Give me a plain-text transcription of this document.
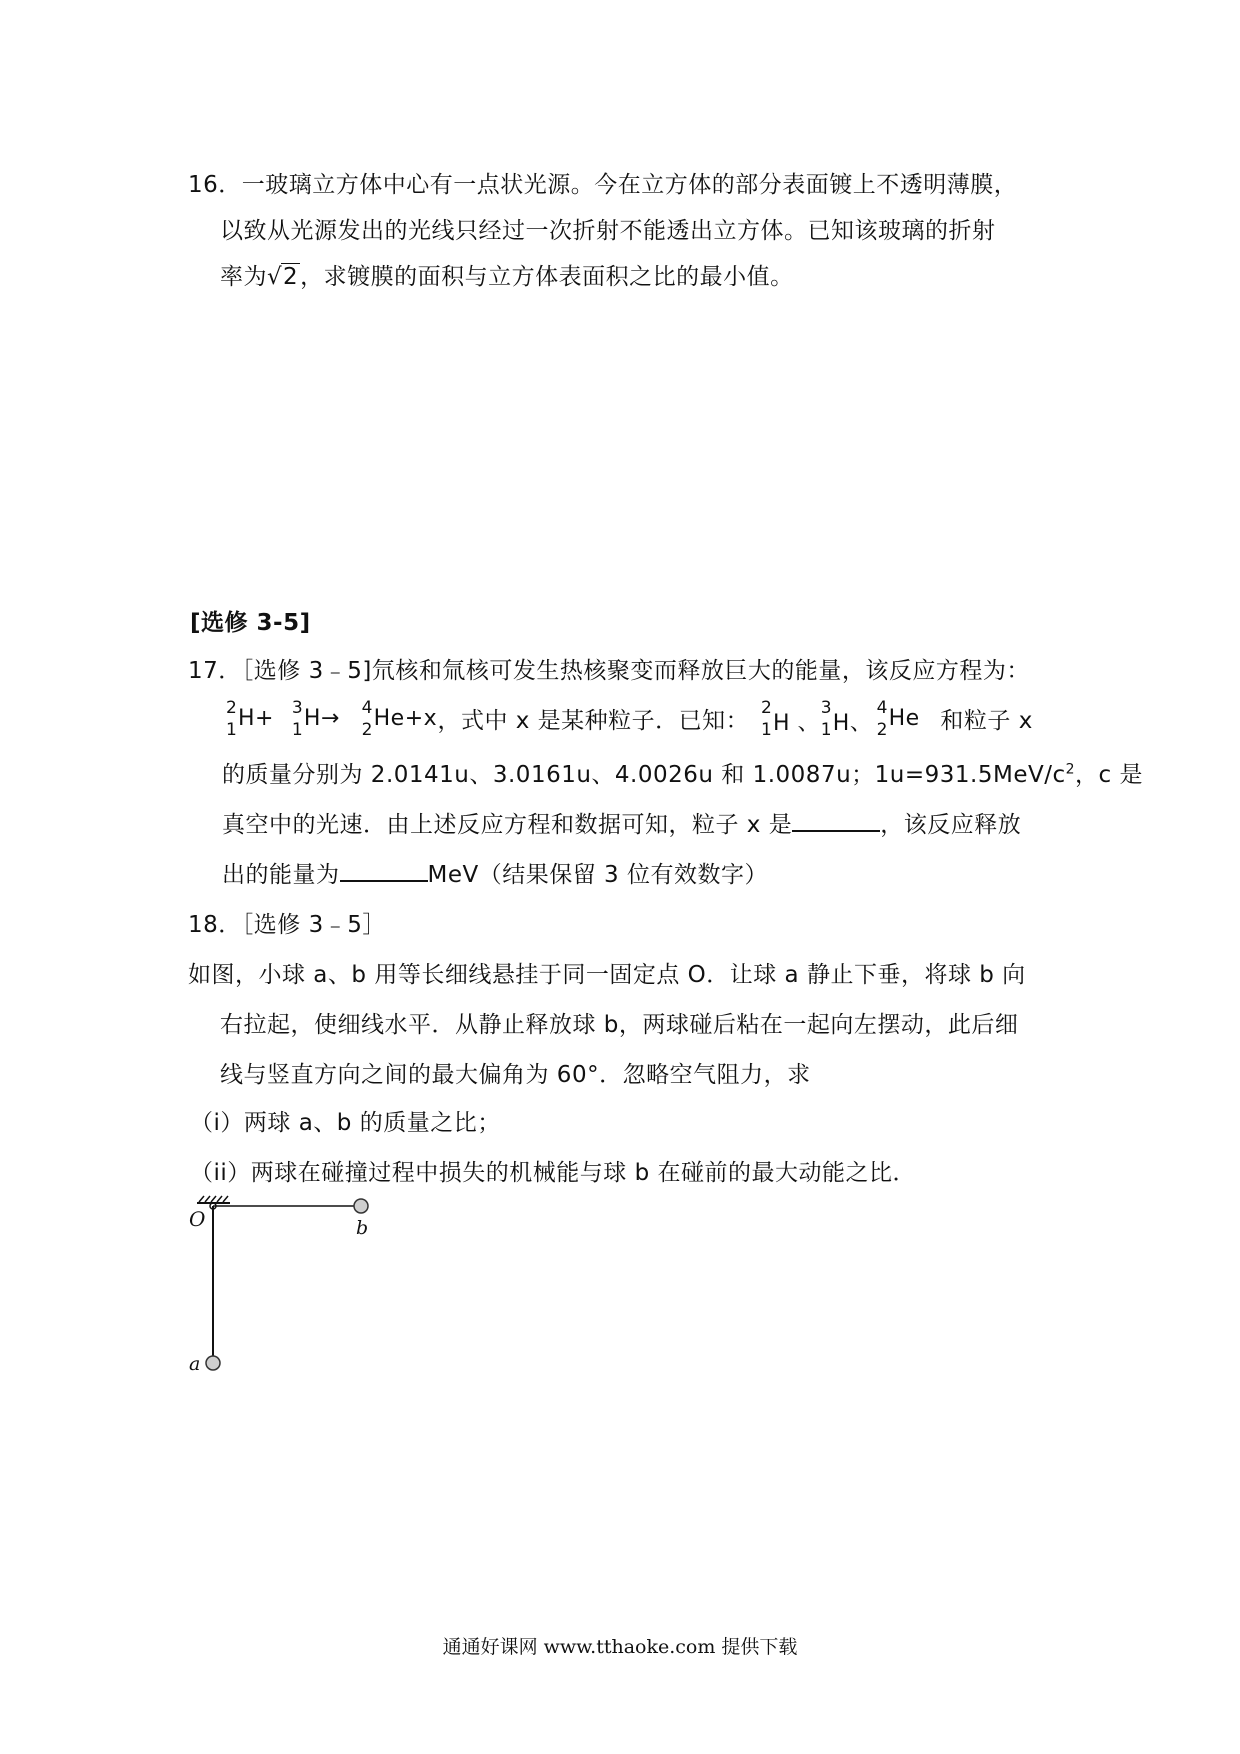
16．一玻璃立方体中心有一点状光源。今在立方体的部分表面镀上不透明薄膜，
以致从光源发出的光线只经过一次折射不能透出立方体。已知该玻璃的折射
率为 √ 2，求镀膜的面积与立方体表面积之比的最小值。
[选修 3-5]
17．［选修 3﹣5]氘核和氚核可发生热核聚变而释放巨大的能量，该反应方程为：
2
1 H+
3
1 H→
4
2 He+x ，式中 x 是某种粒子．已知： 2
1 H 、

3
1 H、

4
2 He 和粒子 x
的质量分别为 2.0141u、3.0161u、4.0026u 和 1.0087u；$1u=931.5MeV/c^2$，c 是
真空中的光速．由上述反应方程和数据可知，粒子 x 是	，该反应释放
出的能量为	MeV（结果保留 3 位有效数字）
18．［选修 3﹣5］
如图，小球 a、b 用等长细线悬挂于同一固定点 O．让球 a 静止下垂，将球 b 向
右拉起，使细线水平．从静止释放球 b，两球碰后粘在一起向左摆动，此后细
线与竖直方向之间的最大偏角为 60°．忽略空气阻力，求
（i）两球 a、b 的质量之比；
（ii）两球在碰撞过程中损失的机械能与球 b 在碰前的最大动能之比．
O	b
a
通通好课网 www.tthaoke.com 提供下载
